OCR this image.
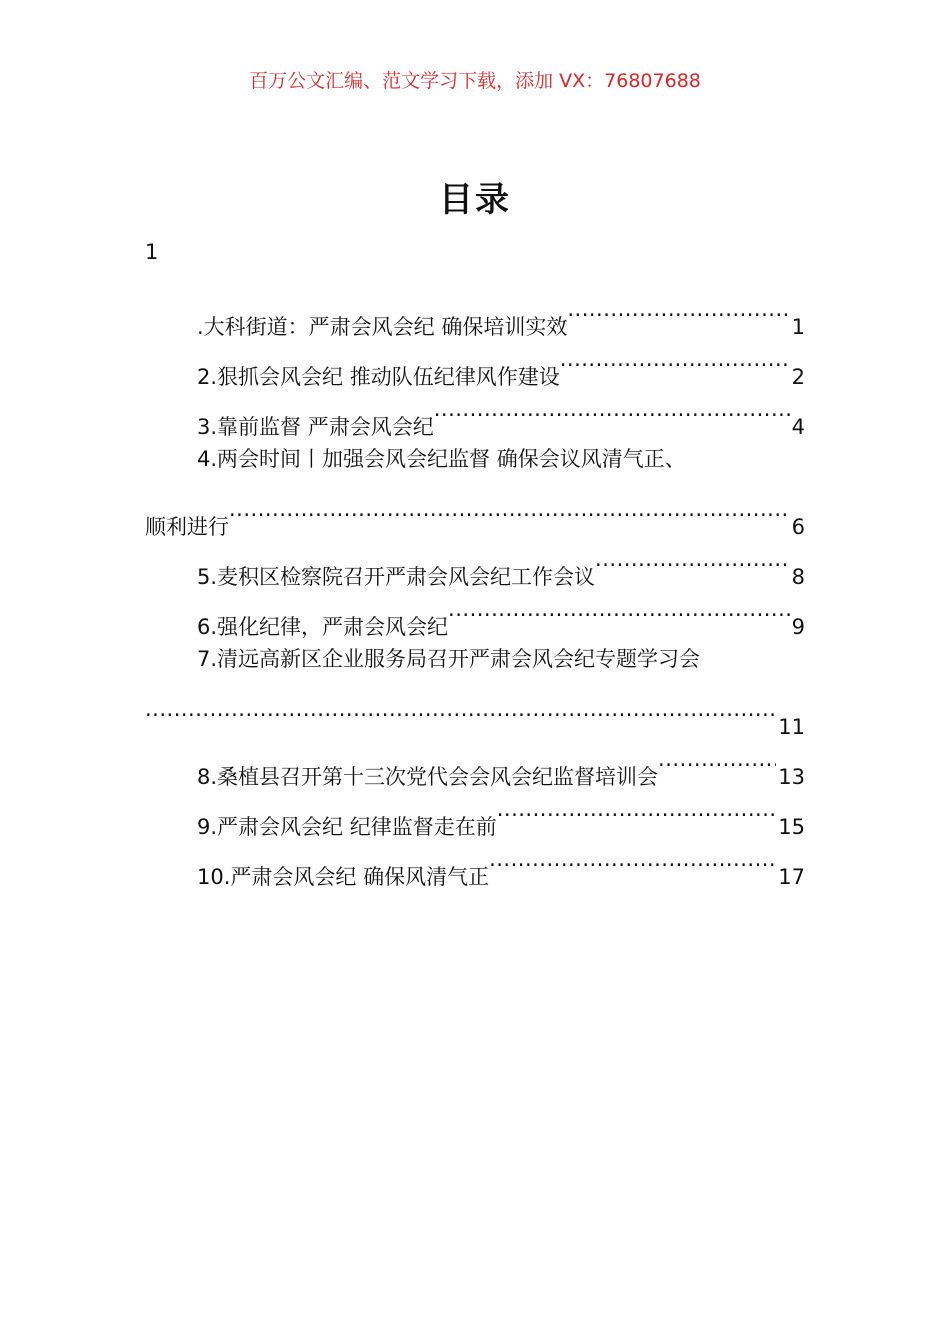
百万公文汇编、范文学习下载，添加 VX：76807688
目录
1
.大科街道：严肃会风会纪 确保培训实效 .....	1
2.狠抓会风会纪 推动队伍纪律风作建设 .....	2
3.靠前监督 严肃会风会纪 .....	4
4.两会时间丨加强会风会纪监督 确保会议风清气正、
顺利进行 .....	6
5.麦积区检察院召开严肃会风会纪工作会议 .....	8
6.强化纪律，严肃会风会纪 .....	9
7.清远高新区企业服务局召开严肃会风会纪专题学习会
.....
11
8.桑植县召开第十三次党代会会风会纪监督培训会 .....	13
9.严肃会风会纪 纪律监督走在前 .....	15
10.严肃会风会纪 确保风清气正 .....	17
